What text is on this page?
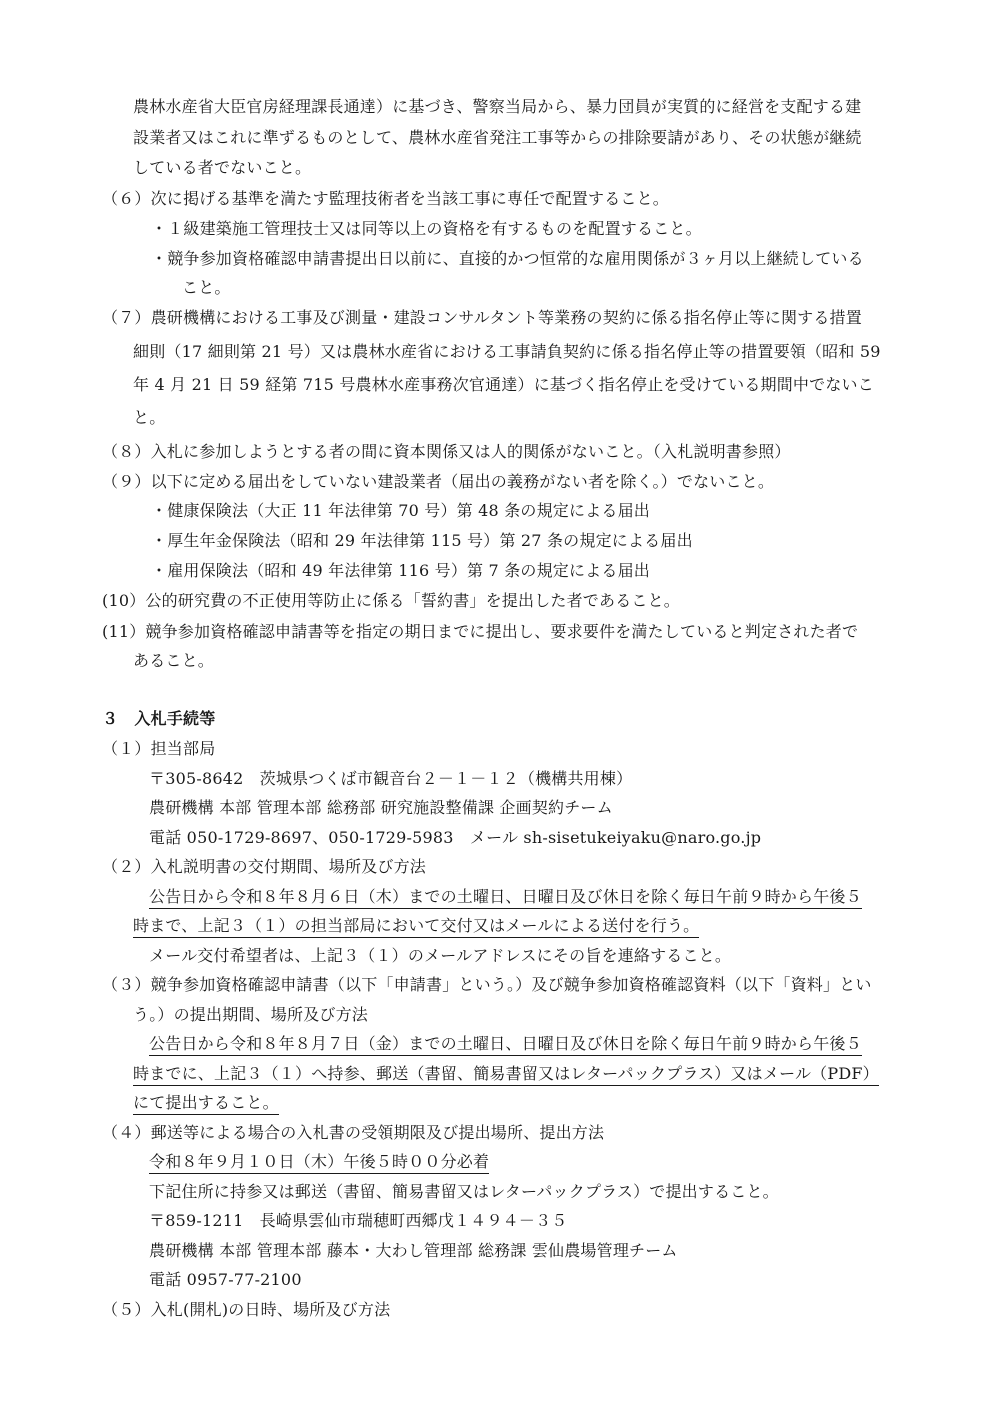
農林水産省大臣官房経理課長通達）に基づき、警察当局から、暴力団員が実質的に経営を支配する建
設業者又はこれに準ずるものとして、農林水産省発注工事等からの排除要請があり、その状態が継続
している者でないこと。
（６）次に掲げる基準を満たす監理技術者を当該工事に専任で配置すること。
・１級建築施工管理技士又は同等以上の資格を有するものを配置すること。
・競争参加資格確認申請書提出日以前に、直接的かつ恒常的な雇用関係が３ヶ月以上継続している
こと。
（７）農研機構における工事及び測量・建設コンサルタント等業務の契約に係る指名停止等に関する措置
細則（17 細則第 21 号）又は農林水産省における工事請負契約に係る指名停止等の措置要領（昭和 59
年 4 月 21 日 59 経第 715 号農林水産事務次官通達）に基づく指名停止を受けている期間中でないこ
と。
（８）入札に参加しようとする者の間に資本関係又は人的関係がないこと。（入札説明書参照）
（９）以下に定める届出をしていない建設業者（届出の義務がない者を除く。）でないこと。
・健康保険法（大正 11 年法律第 70 号）第 48 条の規定による届出
・厚生年金保険法（昭和 29 年法律第 115 号）第 27 条の規定による届出
・雇用保険法（昭和 49 年法律第 116 号）第 7 条の規定による届出
(10）公的研究費の不正使用等防止に係る「誓約書」を提出した者であること。
(11）競争参加資格確認申請書等を指定の期日までに提出し、要求要件を満たしていると判定された者で
あること。
３　入札手続等
（１）担当部局
〒305-8642　茨城県つくば市観音台２－１－１２（機構共用棟）
農研機構 本部 管理本部 総務部 研究施設整備課 企画契約チーム
電話 050-1729-8697、050-1729-5983　メール sh-sisetukeiyaku@naro.go.jp
（２）入札説明書の交付期間、場所及び方法
公告日から令和８年８月６日（木）までの土曜日、日曜日及び休日を除く毎日午前９時から午後５
時まで、上記３（１）の担当部局において交付又はメールによる送付を行う。
メール交付希望者は、上記３（１）のメールアドレスにその旨を連絡すること。
（３）競争参加資格確認申請書（以下「申請書」という。）及び競争参加資格確認資料（以下「資料」とい
う。）の提出期間、場所及び方法
公告日から令和８年８月７日（金）までの土曜日、日曜日及び休日を除く毎日午前９時から午後５
時までに、上記３（１）へ持参、郵送（書留、簡易書留又はレターパックプラス）又はメール（PDF）
にて提出すること。
（４）郵送等による場合の入札書の受領期限及び提出場所、提出方法
令和８年９月１０日（木）午後５時００分必着
下記住所に持参又は郵送（書留、簡易書留又はレターパックプラス）で提出すること。
〒859-1211　長崎県雲仙市瑞穂町西郷戊１４９４－３５
農研機構 本部 管理本部 藤本・大わし管理部 総務課 雲仙農場管理チーム
電話 0957-77-2100
（５）入札(開札)の日時、場所及び方法
